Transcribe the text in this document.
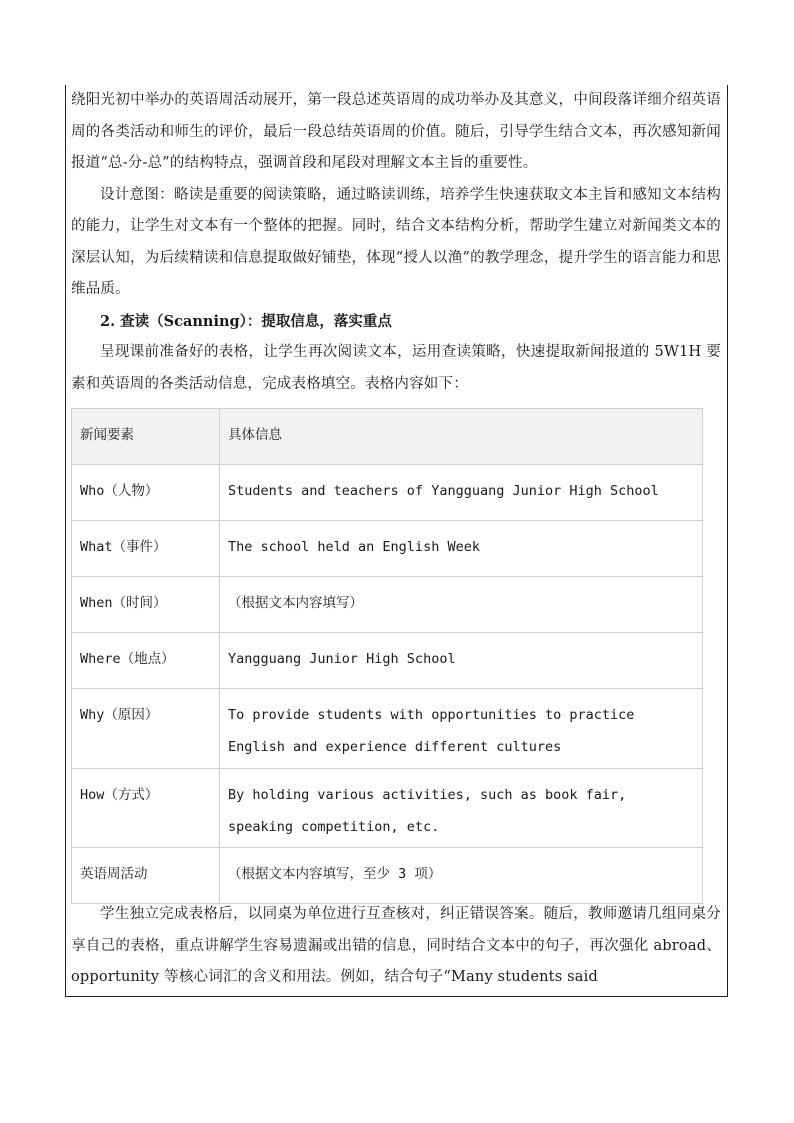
绕阳光初中举办的英语周活动展开，第一段总述英语周的成功举办及其意义，中间段落详细介绍英语周的各类活动和师生的评价，最后一段总结英语周的价值。随后，引导学生结合文本，再次感知新闻报道“总-分-总”的结构特点，强调首段和尾段对理解文本主旨的重要性。

设计意图：略读是重要的阅读策略，通过略读训练，培养学生快速获取文本主旨和感知文本结构的能力，让学生对文本有一个整体的把握。同时，结合文本结构分析，帮助学生建立对新闻类文本的深层认知，为后续精读和信息提取做好铺垫，体现“授人以渔”的教学理念，提升学生的语言能力和思维品质。

2. 查读（Scanning）：提取信息，落实重点

呈现课前准备好的表格，让学生再次阅读文本，运用查读策略，快速提取新闻报道的 5W1H 要素和英语周的各类活动信息，完成表格填空。表格内容如下：

新闻要素	具体信息

Who（人物）	Students and teachers of Yangguang Junior High School

What（事件）	The school held an English Week

When（时间）	（根据文本内容填写）

Where（地点）	Yangguang Junior High School

Why（原因）	To provide students with opportunities to practice English and experience different cultures

How（方式）	By holding various activities, such as book fair, speaking competition, etc.

英语周活动	（根据文本内容填写，至少 3 项）

学生独立完成表格后，以同桌为单位进行互查核对，纠正错误答案。随后，教师邀请几组同桌分享自己的表格，重点讲解学生容易遗漏或出错的信息，同时结合文本中的句子，再次强化 abroad、opportunity 等核心词汇的含义和用法。例如，结合句子“Many students said
